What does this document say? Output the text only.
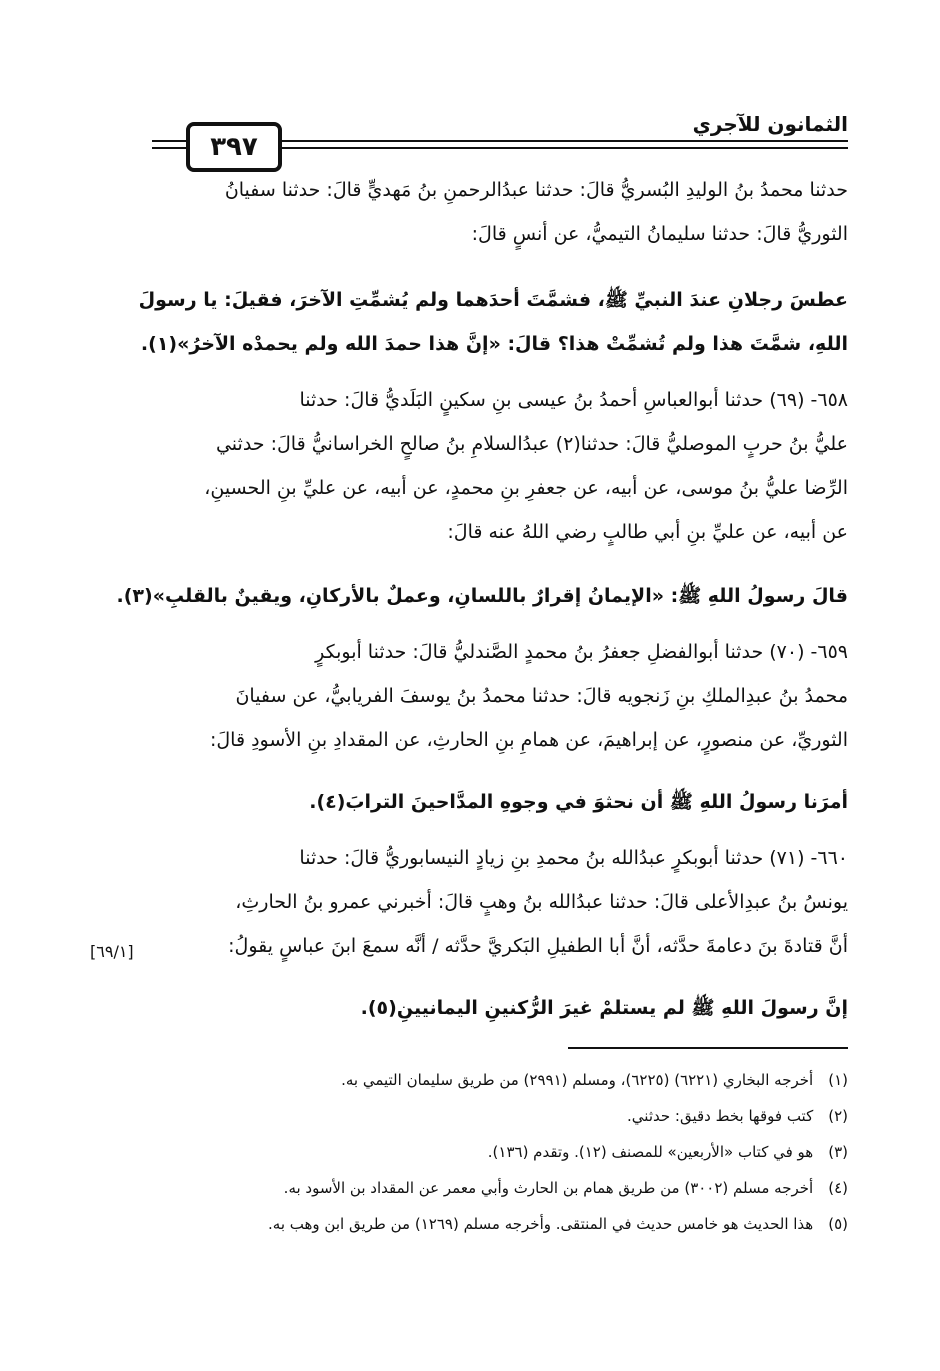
الثمانون للآجري
٣٩٧
حدثنا محمدُ بنُ الوليدِ البُسريُّ قالَ: حدثنا عبدُالرحمنِ بنُ مَهديٍّ قالَ: حدثنا سفيانُ
الثوريُّ قالَ: حدثنا سليمانُ التيميُّ، عن أنسٍ قالَ:
عطسَ رجلانِ عندَ النبيِّ ﷺ، فشمَّتَ أحدَهما ولم يُشمِّتِ الآخرَ، فقيلَ: يا رسولَ
اللهِ، شمَّتَ هذا ولم تُشمِّتْ هذا؟ قالَ: «إنَّ هذا حمدَ الله ولم يحمدْه الآخرُ»(١).
٦٥٨- (٦٩) حدثنا أبوالعباسِ أحمدُ بنُ عيسى بنِ سكينٍ البَلَديُّ قالَ: حدثنا
عليُّ بنُ حربٍ الموصليُّ قالَ: حدثنا(٢) عبدُالسلامِ بنُ صالحٍ الخراسانيُّ قالَ: حدثني
الرِّضا عليُّ بنُ موسى، عن أبيه، عن جعفرِ بنِ محمدٍ، عن أبيه، عن عليِّ بنِ الحسينِ،
عن أبيه، عن عليِّ بنِ أبي طالبٍ رضي اللهُ عنه قالَ:
قالَ رسولُ اللهِ ﷺ: «الإيمانُ إقرارٌ باللسانِ، وعملٌ بالأركانِ، ويقينٌ بالقلبِ»(٣).
٦٥٩- (٧٠) حدثنا أبوالفضلِ جعفرُ بنُ محمدٍ الصَّندليُّ قالَ: حدثنا أبوبكرٍ
محمدُ بنُ عبدِالملكِ بنِ زَنجويه قالَ: حدثنا محمدُ بنُ يوسفَ الفريابيُّ، عن سفيانَ
الثوريِّ، عن منصورٍ، عن إبراهيمَ، عن همامِ بنِ الحارثِ، عن المقدادِ بنِ الأسودِ قالَ:
أمرَنا رسولُ اللهِ ﷺ أن نحثوَ في وجوهِ المدَّاحينَ الترابَ(٤).
٦٦٠- (٧١) حدثنا أبوبكرٍ عبدُالله بنُ محمدِ بنِ زيادٍ النيسابوريُّ قالَ: حدثنا
يونسُ بنُ عبدِالأعلى قالَ: حدثنا عبدُالله بنُ وهبٍ قالَ: أخبرني عمرو بنُ الحارثِ،
أنَّ قتادةَ بنَ دعامةَ حدَّثه، أنَّ أبا الطفيلِ البَكريَّ حدَّثه / أنَّه سمعَ ابنَ عباسٍ يقولُ:
إنَّ رسولَ اللهِ ﷺ لم يستلمْ غيرَ الرُّكنينِ اليمانيينِ(٥).
[٦٩/١]
(١) أخرجه البخاري (٦٢٢١) (٦٢٢٥)، ومسلم (٢٩٩١) من طريق سليمان التيمي به.
(٢) كتب فوقها بخط دقيق: حدثني.
(٣) هو في كتاب «الأربعين» للمصنف (١٢). وتقدم (١٣٦).
(٤) أخرجه مسلم (٣٠٠٢) من طريق همام بن الحارث وأبي معمر عن المقداد بن الأسود به.
(٥) هذا الحديث هو خامس حديث في المنتقى. وأخرجه مسلم (١٢٦٩) من طريق ابن وهب به.
